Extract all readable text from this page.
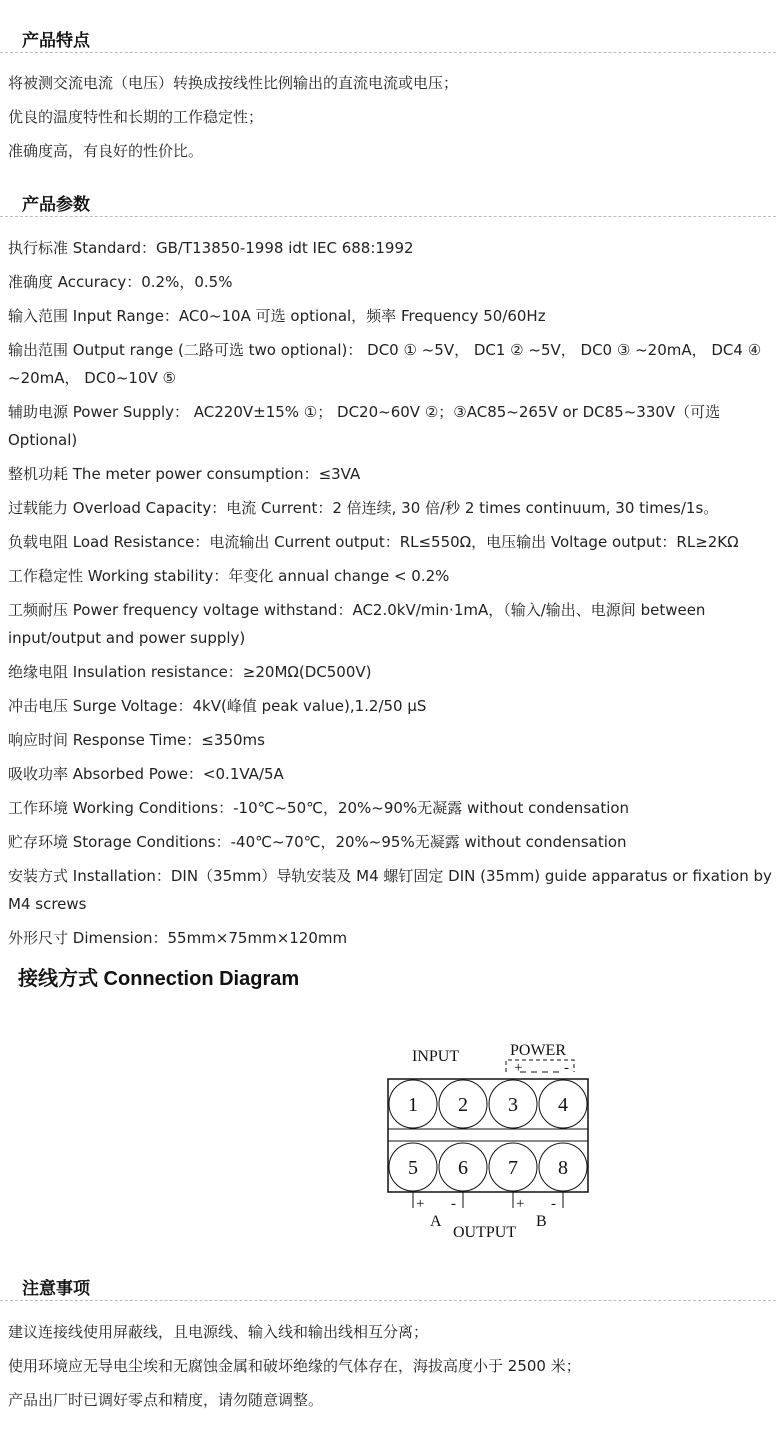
产品特点
将被测交流电流（电压）转换成按线性比例输出的直流电流或电压；
优良的温度特性和长期的工作稳定性；
准确度高，有良好的性价比。
产品参数
执行标准 Standard：GB/T13850-1998 idt IEC 688:1992
准确度 Accuracy：0.2%，0.5%
输入范围 Input Range：AC0~10A 可选 optional，频率 Frequency 50/60Hz
输出范围 Output range (二路可选 two optional)： DC0 ① ~5V， DC1 ② ~5V， DC0 ③ ~20mA， DC4 ④ ~20mA， DC0~10V ⑤
辅助电源 Power Supply： AC220V±15% ①； DC20~60V ②；③AC85~265V or DC85~330V（可选 Optional)
整机功耗 The meter power consumption：≤3VA
过载能力 Overload Capacity：电流 Current：2 倍连续, 30 倍/秒 2 times continuum, 30 times/1s。
负载电阻 Load Resistance：电流输出 Current output：RL≤550Ω，电压输出 Voltage output：RL≥2KΩ
工作稳定性 Working stability：年变化 annual change < 0.2%
工频耐压 Power frequency voltage withstand：AC2.0kV/min·1mA，（输入/输出、电源间 between input/output and power supply)
绝缘电阻 Insulation resistance：≥20MΩ(DC500V)
冲击电压 Surge Voltage：4kV(峰值 peak value),1.2/50 μS
响应时间 Response Time：≤350ms
吸收功率 Absorbed Powe：<0.1VA/5A
工作环境 Working Conditions：-10℃~50℃，20%~90%无凝露 without condensation
贮存环境 Storage Conditions：-40℃~70℃，20%~95%无凝露 without condensation
安装方式 Installation：DIN（35mm）导轨安装及 M4 螺钉固定 DIN (35mm) guide apparatus or fixation by M4 screws
外形尺寸 Dimension：55mm×75mm×120mm
接线方式 Connection Diagram
INPUT	POWER
+	-
1 2 3 4
5 6 7 8
+ -	+ -
A	B
OUTPUT
注意事项
建议连接线使用屏蔽线，且电源线、输入线和输出线相互分离；
使用环境应无导电尘埃和无腐蚀金属和破坏绝缘的气体存在，海拔高度小于 2500 米；
产品出厂时已调好零点和精度，请勿随意调整。
